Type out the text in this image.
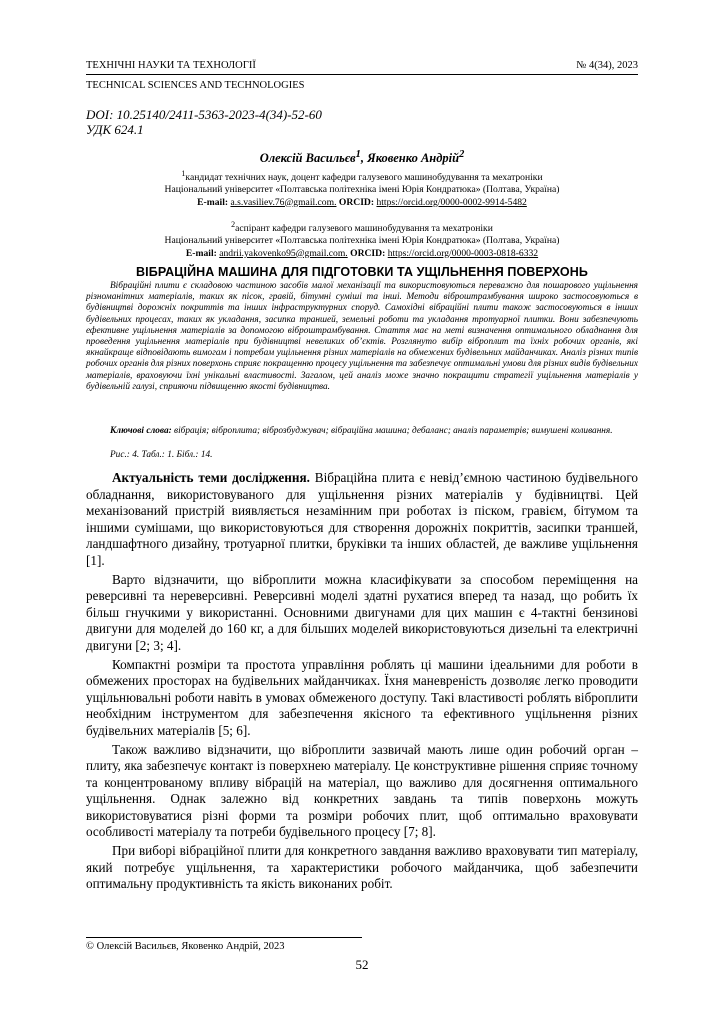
ТЕХНІЧНІ НАУКИ ТА ТЕХНОЛОГІЇ	№ 4(34), 2023
TECHNICAL SCIENCES AND TECHNOLOGIES
DOI: 10.25140/2411-5363-2023-4(34)-52-60
УДК 624.1
Олексій Васильєв$^1$, Яковенко Андрій$^2$
$^1$кандидат технічних наук, доцент кафедри галузевого машинобудування та мехатроніки
Національний університет «Полтавська політехніка імені Юрія Кондратюка» (Полтава, Україна)
E-mail: a.s.vasiliev.76@gmail.com. ORCID: https://orcid.org/0000-0002-9914-5482
$^2$аспірант кафедри галузевого машинобудування та мехатроніки
Національний університет «Полтавська політехніка імені Юрія Кондратюка» (Полтава, Україна)
E-mail: andrii.yakovenko95@gmail.com. ORCID: https://orcid.org/0000-0003-0818-6332
ВІБРАЦІЙНА МАШИНА ДЛЯ ПІДГОТОВКИ ТА УЩІЛЬНЕННЯ ПОВЕРХОНЬ
Вібраційні плити є складовою частиною засобів малої механізації та використовуються переважно для пошарового ущільнення різноманітних матеріалів, таких як пісок, гравій, бітумні суміші та інші. Методи віброштрамбування широко застосовуються в будівництві дорожніх покриттів та інших інфраструктурних споруд. Самохідні вібраційні плити також застосовуються в інших будівельних процесах, таких як укладання, засипка траншей, земельні роботи та укладання тротуарної плитки. Вони забезпечують ефективне ущільнення матеріалів за допомогою віброштрамбування. Стаття має на меті визначення оптимального обладнання для проведення ущільнення матеріалів при будівництві невеликих об’єктів. Розглянуто вибір віброплит та їхніх робочих органів, які якнайкраще відповідають вимогам і потребам ущільнення різних матеріалів на обмежених будівельних майданчиках. Аналіз різних типів робочих органів для різних поверхонь сприяє покращенню процесу ущільнення та забезпечує оптимальні умови для різних видів будівельних матеріалів, враховуючи їхні унікальні властивості. Загалом, цей аналіз може значно покращити стратегії ущільнення матеріалів у будівельній галузі, сприяючи підвищенню якості будівництва.
Ключові слова: вібрація; віброплита; віброзбуджувач; вібраційна машина; дебаланс; аналіз параметрів; вимушені коливання.
Рис.: 4. Табл.: 1. Бібл.: 14.

Актуальність теми дослідження. Вібраційна плита є невід’ємною частиною будівельного обладнання, використовуваного для ущільнення різних матеріалів у будівництві. Цей механізований пристрій виявляється незамінним при роботах із піском, гравієм, бітумом та іншими сумішами, що використовуються для створення дорожніх покриттів, засипки траншей, ландшафтного дизайну, тротуарної плитки, бруківки та інших областей, де важливе ущільнення [1].

Варто відзначити, що віброплити можна класифікувати за способом переміщення на реверсивні та нереверсивні. Реверсивні моделі здатні рухатися вперед та назад, що робить їх більш гнучкими у використанні. Основними двигунами для цих машин є 4-тактні бензинові двигуни для моделей до 160 кг, а для більших моделей використовуються дизельні та електричні двигуни [2; 3; 4].

Компактні розміри та простота управління роблять ці машини ідеальними для роботи в обмежених просторах на будівельних майданчиках. Їхня маневреність дозволяє легко проводити ущільнювальні роботи навіть в умовах обмеженого доступу. Такі властивості роблять віброплити необхідним інструментом для забезпечення якісного та ефективного ущільнення різних будівельних матеріалів [5; 6].

Також важливо відзначити, що віброплити зазвичай мають лише один робочий орган – плиту, яка забезпечує контакт із поверхнею матеріалу. Це конструктивне рішення сприяє точному та концентрованому впливу вібрацій на матеріал, що важливо для досягнення оптимального ущільнення. Однак залежно від конкретних завдань та типів поверхонь можуть використовуватися різні форми та розміри робочих плит, щоб оптимально враховувати особливості матеріалу та потреби будівельного процесу [7; 8].

При виборі вібраційної плити для конкретного завдання важливо враховувати тип матеріалу, який потребує ущільнення, та характеристики робочого майданчика, щоб забезпечити оптимальну продуктивність та якість виконаних робіт.

© Олексій Васильєв, Яковенко Андрій, 2023
52
